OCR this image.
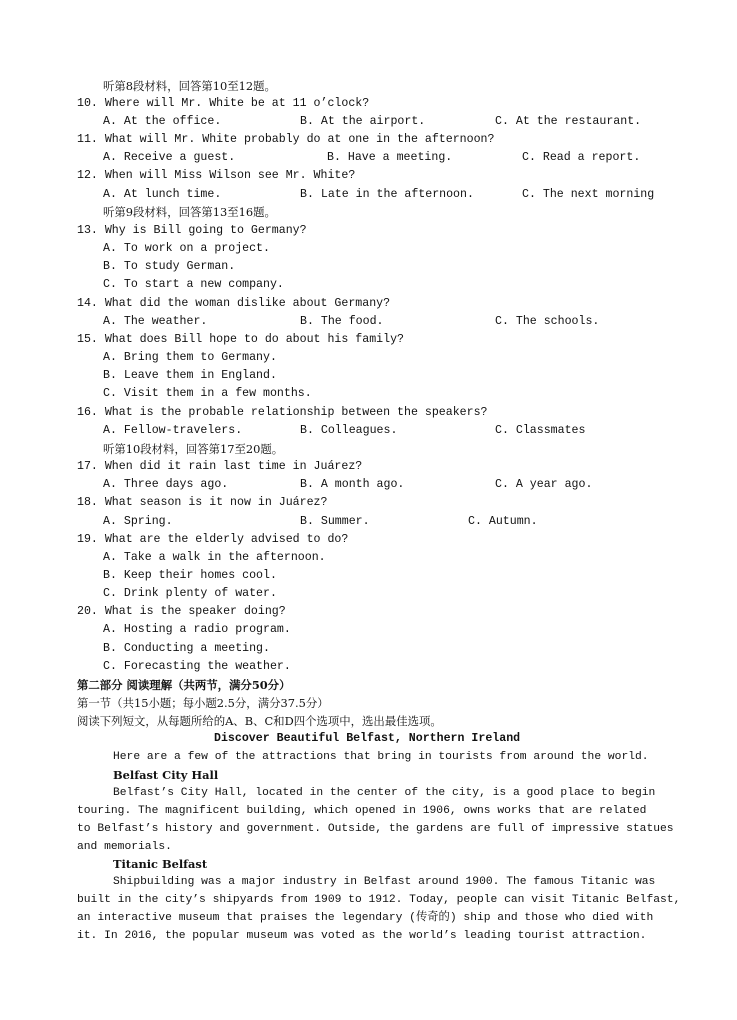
听第8段材料，回答第10至12题。
10. Where will Mr. White be at 11 o’clock?
A. At the office.	B. At the airport.	C. At the restaurant.
11. What will Mr. White probably do at one in the afternoon?
A. Receive a guest.	B. Have a meeting.	C. Read a report.
12. When will Miss Wilson see Mr. White?
A. At lunch time.	B. Late in the afternoon.	C. The next morning
听第9段材料，回答第13至16题。
13. Why is Bill going to Germany?
A. To work on a project.
B. To study German.
C. To start a new company.
14. What did the woman dislike about Germany?
A. The weather.	B. The food.	C. The schools.
15. What does Bill hope to do about his family?
A. Bring them to Germany.
B. Leave them in England.
C. Visit them in a few months.
16. What is the probable relationship between the speakers?
A. Fellow-travelers.	B. Colleagues.	C. Classmates
听第10段材料，回答第17至20题。
17. When did it rain last time in Juárez?
A. Three days ago.	B. A month ago.	C. A year ago.
18. What season is it now in Juárez?
A. Spring.	B. Summer.	C. Autumn.
19. What are the elderly advised to do?
A. Take a walk in the afternoon.
B. Keep their homes cool.
C. Drink plenty of water.
20. What is the speaker doing?
A. Hosting a radio program.
B. Conducting a meeting.
C. Forecasting the weather.
第二部分 阅读理解（共两节，满分50分）
第一节（共15小题；每小题2.5分，满分37.5分）
阅读下列短文，从每题所给的A、B、C和D四个选项中，选出最佳选项。
Discover Beautiful Belfast, Northern Ireland
Here are a few of the attractions that bring in tourists from around the world.
Belfast City Hall
Belfast’s City Hall, located in the center of the city, is a good place to begin
touring. The magnificent building, which opened in 1906, owns works that are related
to Belfast’s history and government. Outside, the gardens are full of impressive statues
and memorials.
Titanic Belfast
Shipbuilding was a major industry in Belfast around 1900. The famous Titanic was
built in the city’s shipyards from 1909 to 1912. Today, people can visit Titanic Belfast,
an interactive museum that praises the legendary (传奇的) ship and those who died with
it. In 2016, the popular museum was voted as the world’s leading tourist attraction.
